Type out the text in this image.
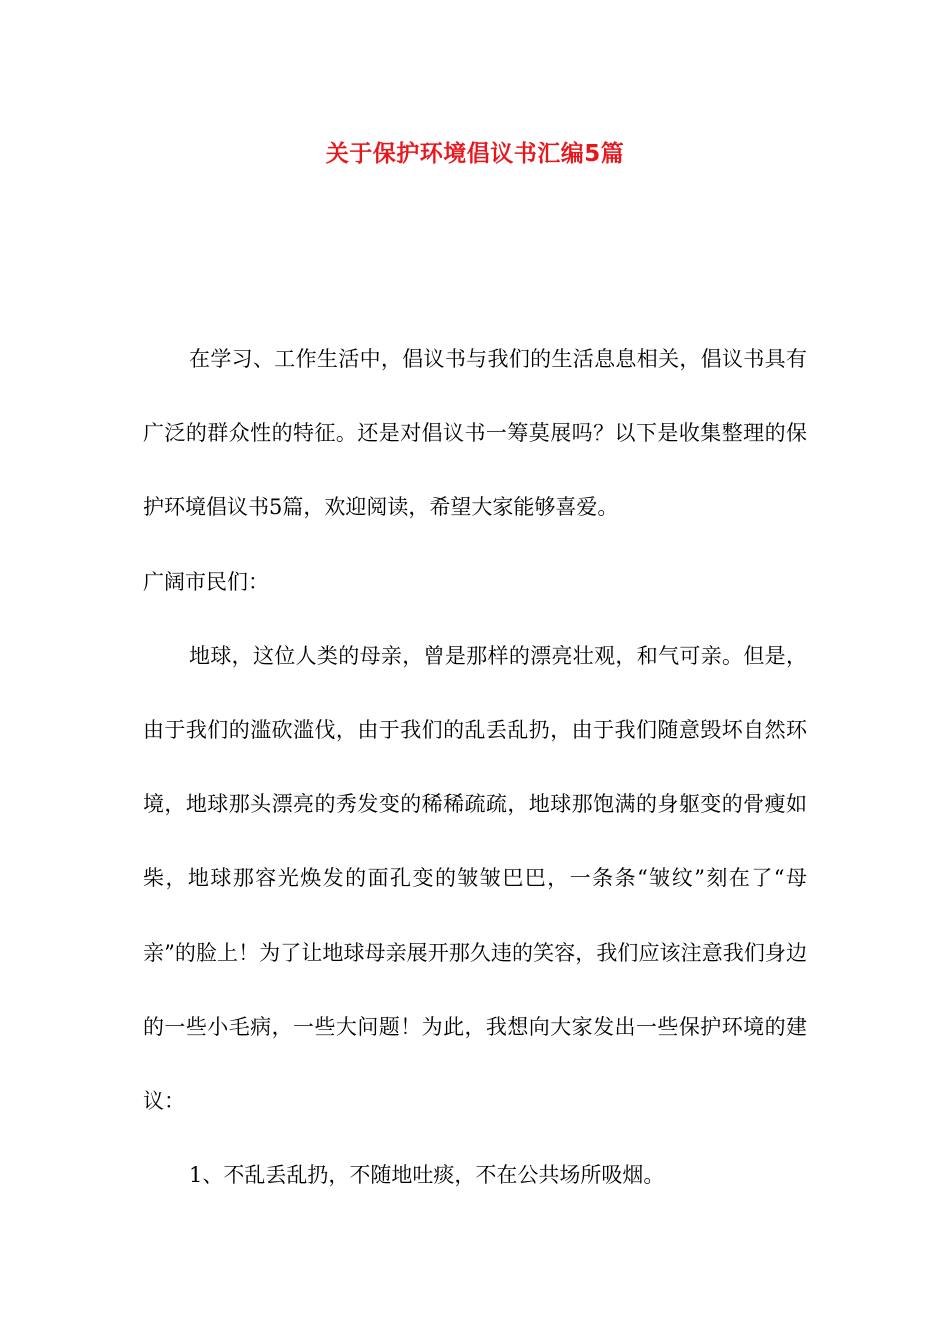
关于保护环境倡议书汇编5篇

在学习、工作生活中，倡议书与我们的生活息息相关，倡议书具有广泛的群众性的特征。还是对倡议书一筹莫展吗？以下是收集整理的保护环境倡议书5篇，欢迎阅读，希望大家能够喜爱。

广阔市民们：

地球，这位人类的母亲，曾是那样的漂亮壮观，和气可亲。但是，由于我们的滥砍滥伐，由于我们的乱丢乱扔，由于我们随意毁坏自然环境，地球那头漂亮的秀发变的稀稀疏疏，地球那饱满的身躯变的骨瘦如柴，地球那容光焕发的面孔变的皱皱巴巴，一条条“皱纹”刻在了“母亲”的脸上！为了让地球母亲展开那久违的笑容，我们应该注意我们身边的一些小毛病，一些大问题！为此，我想向大家发出一些保护环境的建议：

1、不乱丢乱扔，不随地吐痰，不在公共场所吸烟。
